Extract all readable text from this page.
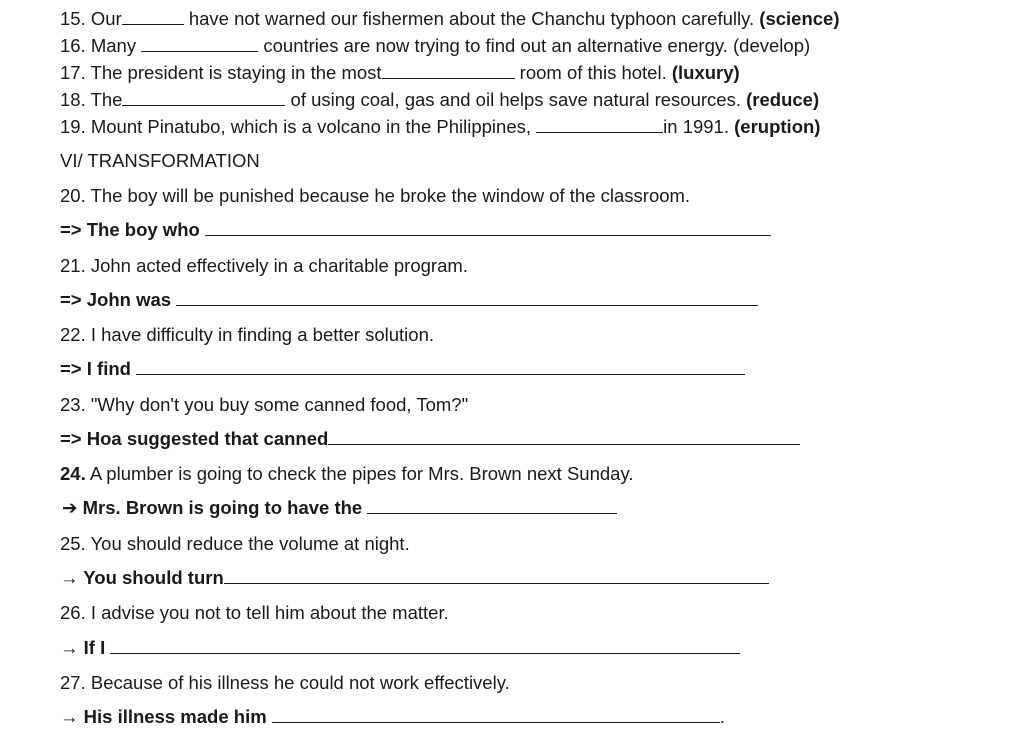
15. Our	have not warned our fishermen about the Chanchu typhoon carefully. (science)
16. Many	countries are now trying to find out an alternative energy. (develop)
17. The president is staying in the most	room of this hotel. (luxury)
18. The	of using coal, gas and oil helps save natural resources. (reduce)
19. Mount Pinatubo, which is a volcano in the Philippines,	in 1991. (eruption)
VI/ TRANSFORMATION
20. The boy will be punished because he broke the window of the classroom.
=> The boy who
21. John acted effectively in a charitable program.
=> John was
22. I have difficulty in finding a better solution.
=> I find
23. "Why don't you buy some canned food, Tom?"
=> Hoa suggested that canned
24. A plumber is going to check the pipes for Mrs. Brown next Sunday.
➔ Mrs. Brown is going to have the
25. You should reduce the volume at night.
→ You should turn
26. I advise you not to tell him about the matter.
→ If I
27. Because of his illness he could not work effectively.
→ His illness made him	.
